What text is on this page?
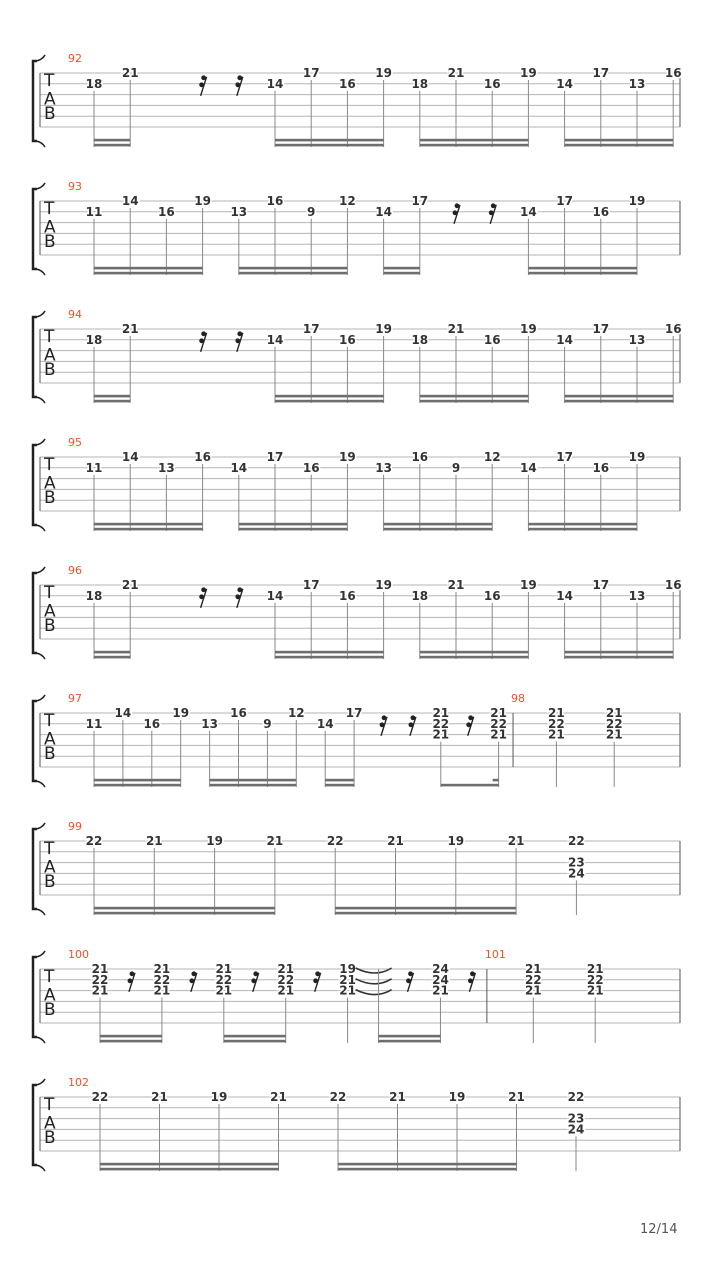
T
A
B
92
18
21
14
17
16
19
18
21
16
19
14
17
13
16
T
A
B
93
11
14
16
19
13
16
9
12
14
17
14
17
16
19
T
A
B
94
18
21
14
17
16
19
18
21
16
19
14
17
13
16
T
A
B
95
11
14
13
16
14
17
16
19
13
16
9
12
14
17
16
19
T
A
B
96
18
21
14
17
16
19
18
21
16
19
14
17
13
16
T
A
B
97	98
11
14
16
19
13
16
9
12
14
17	21
22
21
21
22
21
21
22
21
21
22
21
T
A
B
99
22	21	19	21	22	21	19	21	22
23
24
T
A
B
100	101
21
22
21
21
22
21
21
22
21
21
22
21
19
21
21
24
24
21
21
22
21
21
22
21
T
A
B
102
22	21	19	21	22	21	19	21	22
23
24
12/14
